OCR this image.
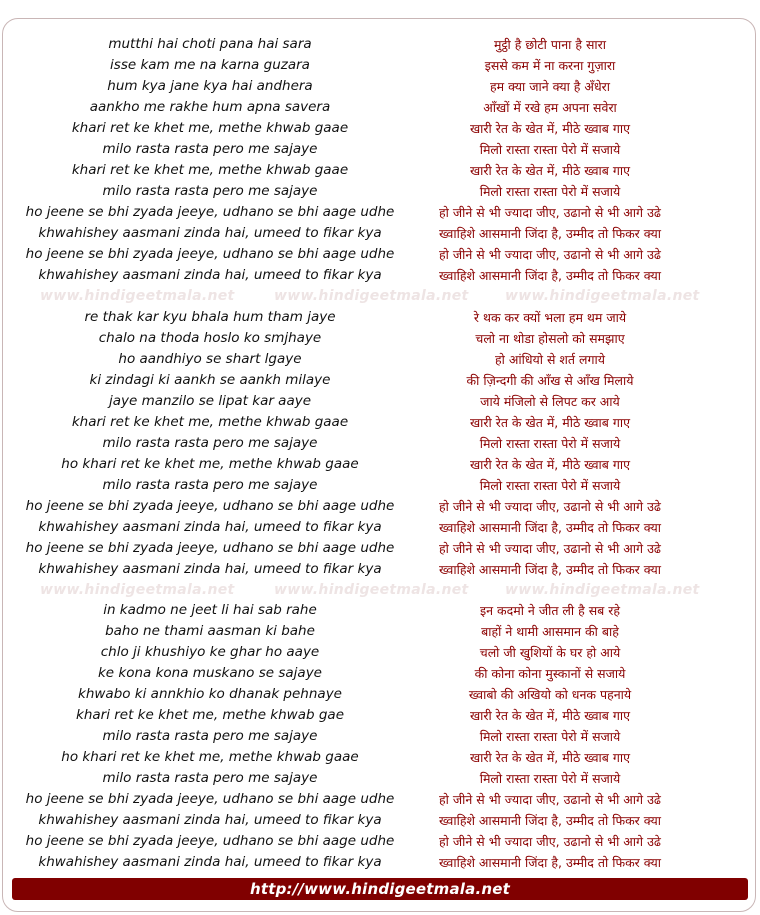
mutthi hai choti pana hai sara	मुट्ठी है छोटी पाना है सारा
isse kam me na karna guzara	इससे कम में ना करना गुज़ारा
hum kya jane kya hai andhera	हम क्या जाने क्या है अँधेरा
aankho me rakhe hum apna savera	आँखों में रखे हम अपना सवेरा
khari ret ke khet me, methe khwab gaae	खारी रेत के खेत में, मीठे ख्वाब गाए
milo rasta rasta pero me sajaye	मिलो रास्ता रास्ता पेरो में सजाये
khari ret ke khet me, methe khwab gaae	खारी रेत के खेत में, मीठे ख्वाब गाए
milo rasta rasta pero me sajaye	मिलो रास्ता रास्ता पेरो में सजाये
ho jeene se bhi zyada jeeye, udhano se bhi aage udhe	हो जीने से भी ज्यादा जीए, उढानो से भी आगे उढे
khwahishey aasmani zinda hai, umeed to fikar kya	ख्वाहिशे आसमानी जिंदा है, उम्मीद तो फिकर क्या
ho jeene se bhi zyada jeeye, udhano se bhi aage udhe	हो जीने से भी ज्यादा जीए, उढानो से भी आगे उढे
khwahishey aasmani zinda hai, umeed to fikar kya	ख्वाहिशे आसमानी जिंदा है, उम्मीद तो फिकर क्या
www.hindigeetmala.net	www.hindigeetmala.net	www.hindigeetmala.net
re thak kar kyu bhala hum tham jaye	रे थक कर क्यों भला हम थम जाये
chalo na thoda hoslo ko smjhaye	चलो ना थोडा होसलो को समझाए
ho aandhiyo se shart lgaye	हो आंधियो से शर्त लगाये
ki zindagi ki aankh se aankh milaye	की ज़िन्दगी की आँख से आँख मिलाये
jaye manzilo se lipat kar aaye	जाये मंजिलो से लिपट कर आये
khari ret ke khet me, methe khwab gaae	खारी रेत के खेत में, मीठे ख्वाब गाए
milo rasta rasta pero me sajaye	मिलो रास्ता रास्ता पेरो में सजाये
ho khari ret ke khet me, methe khwab gaae	खारी रेत के खेत में, मीठे ख्वाब गाए
milo rasta rasta pero me sajaye	मिलो रास्ता रास्ता पेरो में सजाये
ho jeene se bhi zyada jeeye, udhano se bhi aage udhe	हो जीने से भी ज्यादा जीए, उढानो से भी आगे उढे
khwahishey aasmani zinda hai, umeed to fikar kya	ख्वाहिशे आसमानी जिंदा है, उम्मीद तो फिकर क्या
ho jeene se bhi zyada jeeye, udhano se bhi aage udhe	हो जीने से भी ज्यादा जीए, उढानो से भी आगे उढे
khwahishey aasmani zinda hai, umeed to fikar kya	ख्वाहिशे आसमानी जिंदा है, उम्मीद तो फिकर क्या
www.hindigeetmala.net	www.hindigeetmala.net	www.hindigeetmala.net
in kadmo ne jeet li hai sab rahe	इन कदमो ने जीत ली है सब रहे
baho ne thami aasman ki bahe	बाहों ने थामी आसमान की बाहे
chlo ji khushiyo ke ghar ho aaye	चलो जी खुशियों के घर हो आये
ke kona kona muskano se sajaye	की कोना कोना मुस्कानों से सजाये
khwabo ki annkhio ko dhanak pehnaye	ख्वाबो की अखियो को धनक पहनाये
khari ret ke khet me, methe khwab gae	खारी रेत के खेत में, मीठे ख्वाब गाए
milo rasta rasta pero me sajaye	मिलो रास्ता रास्ता पेरो में सजाये
ho khari ret ke khet me, methe khwab gaae	खारी रेत के खेत में, मीठे ख्वाब गाए
milo rasta rasta pero me sajaye	मिलो रास्ता रास्ता पेरो में सजाये
ho jeene se bhi zyada jeeye, udhano se bhi aage udhe	हो जीने से भी ज्यादा जीए, उढानो से भी आगे उढे
khwahishey aasmani zinda hai, umeed to fikar kya	ख्वाहिशे आसमानी जिंदा है, उम्मीद तो फिकर क्या
ho jeene se bhi zyada jeeye, udhano se bhi aage udhe	हो जीने से भी ज्यादा जीए, उढानो से भी आगे उढे
khwahishey aasmani zinda hai, umeed to fikar kya	ख्वाहिशे आसमानी जिंदा है, उम्मीद तो फिकर क्या
http://www.hindigeetmala.net
